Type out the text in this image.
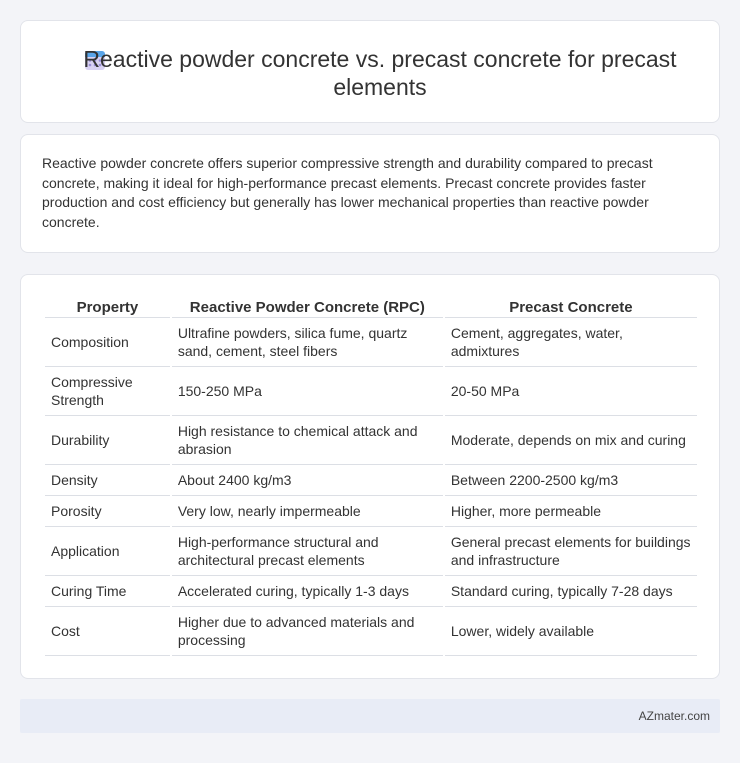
Reactive powder concrete vs. precast concrete for precast elements

Reactive powder concrete offers superior compressive strength and durability compared to precast concrete, making it ideal for high-performance precast elements. Precast concrete provides faster production and cost efficiency but generally has lower mechanical properties than reactive powder concrete.

Property	Reactive Powder Concrete (RPC)	Precast Concrete
Composition	Ultrafine powders, silica fume, quartz sand, cement, steel fibers	Cement, aggregates, water, admixtures
Compressive Strength	150-250 MPa	20-50 MPa
Durability	High resistance to chemical attack and abrasion	Moderate, depends on mix and curing
Density	About 2400 kg/m3	Between 2200-2500 kg/m3
Porosity	Very low, nearly impermeable	Higher, more permeable
Application	High-performance structural and architectural precast elements	General precast elements for buildings and infrastructure
Curing Time	Accelerated curing, typically 1-3 days	Standard curing, typically 7-28 days
Cost	Higher due to advanced materials and processing	Lower, widely available
AZmater.com
